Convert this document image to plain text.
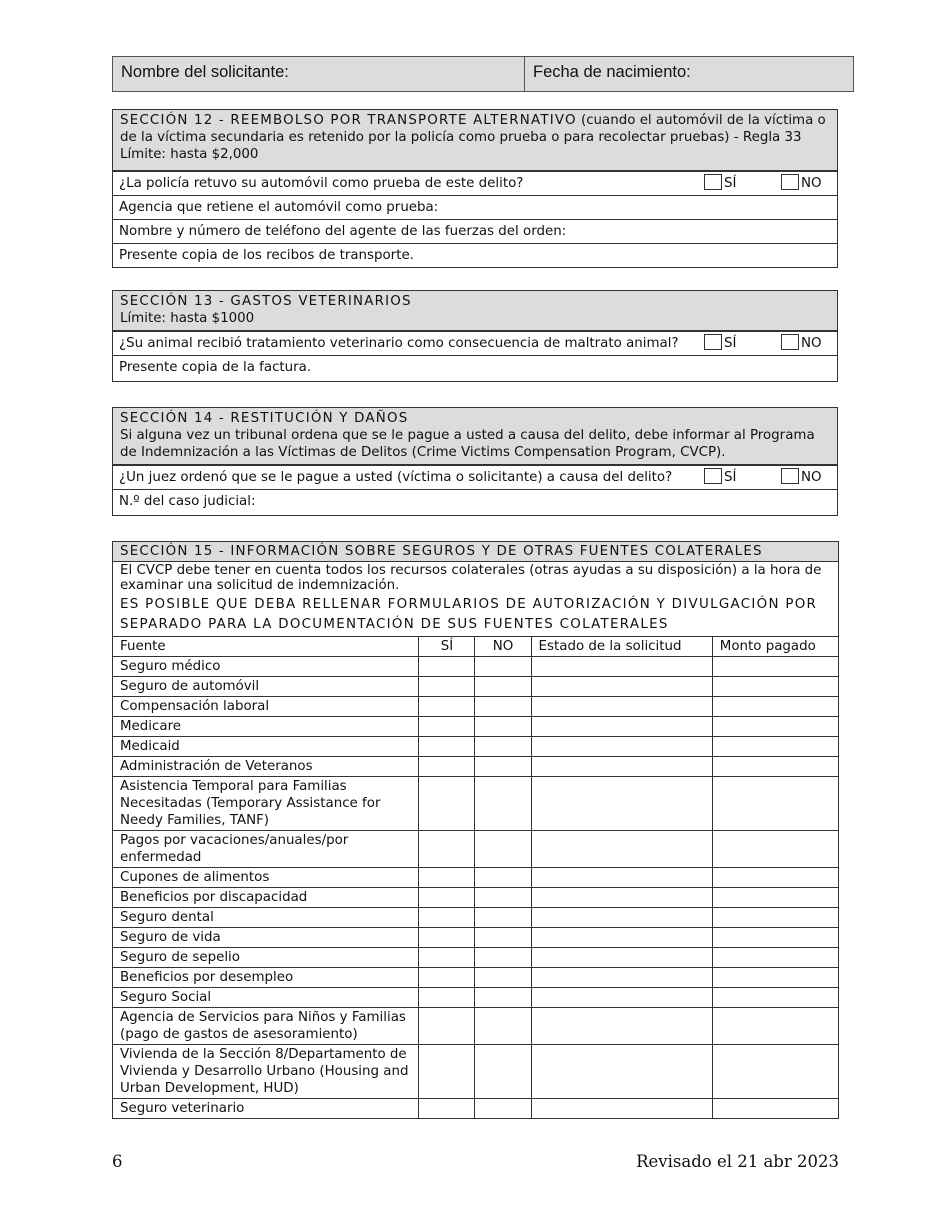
Nombre del solicitante:	Fecha de nacimiento:
SECCIÓN 12 - REEMBOLSO POR TRANSPORTE ALTERNATIVO (cuando el automóvil de la víctima o de la víctima secundaria es retenido por la policía como prueba o para recolectar pruebas) - Regla 33
Límite: hasta $2,000
¿La policía retuvo su automóvil como prueba de este delito?	SÍ	NO
Agencia que retiene el automóvil como prueba:
Nombre y número de teléfono del agente de las fuerzas del orden:
Presente copia de los recibos de transporte.
SECCIÓN 13 - GASTOS VETERINARIOS
Límite: hasta $1000
¿Su animal recibió tratamiento veterinario como consecuencia de maltrato animal?	SÍ	NO
Presente copia de la factura.
SECCIÓN 14 - RESTITUCIÓN Y DAÑOS
Si alguna vez un tribunal ordena que se le pague a usted a causa del delito, debe informar al Programa de Indemnización a las Víctimas de Delitos (Crime Victims Compensation Program, CVCP).
¿Un juez ordenó que se le pague a usted (víctima o solicitante) a causa del delito?	SÍ	NO
N.º del caso judicial:
SECCIÓN 15 - INFORMACIÓN SOBRE SEGUROS Y DE OTRAS FUENTES COLATERALES				
El CVCP debe tener en cuenta todos los recursos colaterales (otras ayudas a su disposición) a la hora de examinar una solicitud de indemnización.
ES POSIBLE QUE DEBA RELLENAR FORMULARIOS DE AUTORIZACIÓN Y DIVULGACIÓN POR SEPARADO PARA LA DOCUMENTACIÓN DE SUS FUENTES COLATERALES				

Fuente	SÍ	NO	Estado de la solicitud	Monto pagado
Seguro médico				
Seguro de automóvil				
Compensación laboral				
Medicare				
Medicaid				
Administración de Veteranos				
Asistencia Temporal para Familias Necesitadas (Temporary Assistance for Needy Families, TANF)				
Pagos por vacaciones/anuales/por enfermedad				
Cupones de alimentos				
Beneficios por discapacidad				
Seguro dental				
Seguro de vida				
Seguro de sepelio				
Beneficios por desempleo				
Seguro Social				
Agencia de Servicios para Niños y Familias (pago de gastos de asesoramiento)				
Vivienda de la Sección 8/Departamento de Vivienda y Desarrollo Urbano (Housing and Urban Development, HUD)				
Seguro veterinario				
6	Revisado el 21 abr 2023
